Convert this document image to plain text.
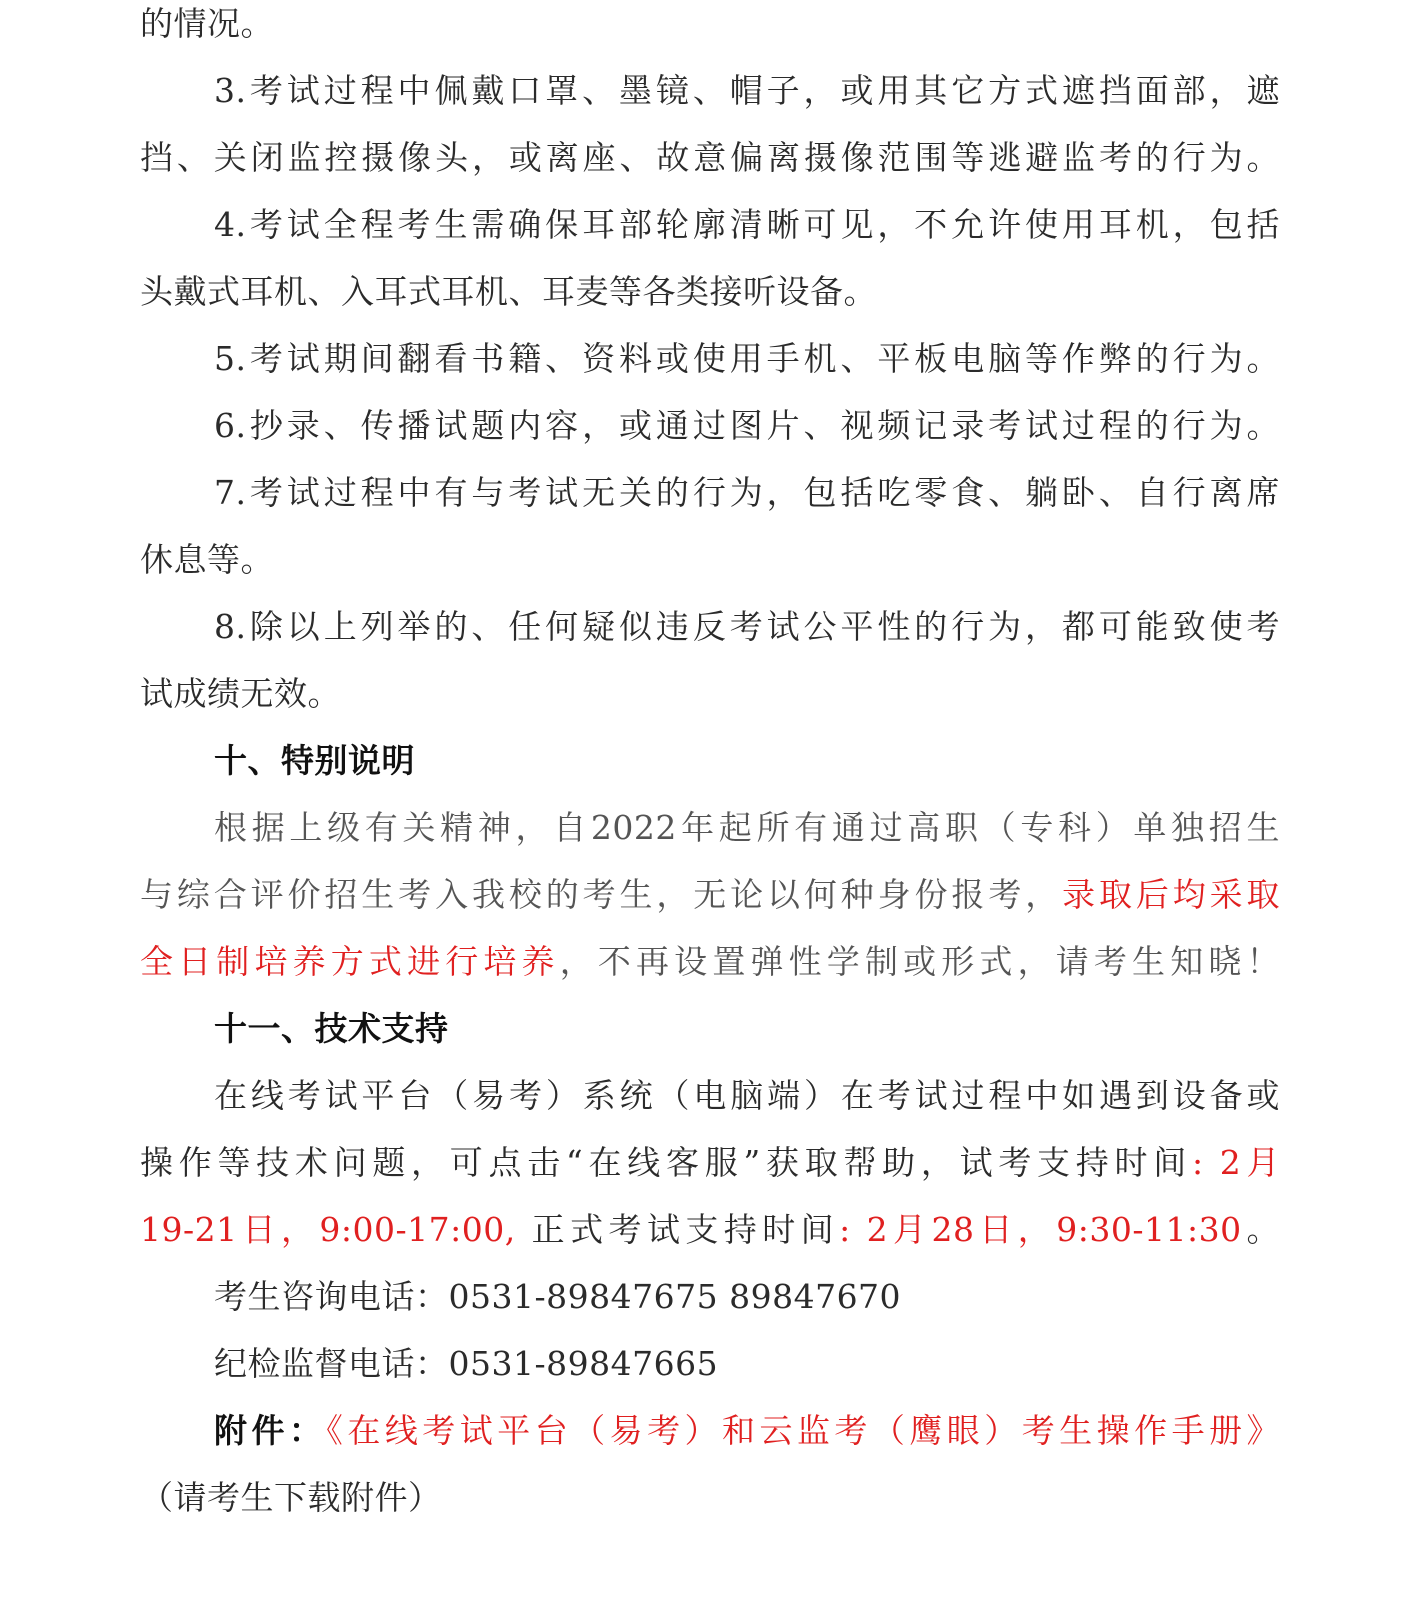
的情况。
3.考试过程中佩戴口罩、墨镜、帽子，或用其它方式遮挡面部，遮
挡、关闭监控摄像头，或离座、故意偏离摄像范围等逃避监考的行为。
4.考试全程考生需确保耳部轮廓清晰可见，不允许使用耳机，包括
头戴式耳机、入耳式耳机、耳麦等各类接听设备。
5.考试期间翻看书籍、资料或使用手机、平板电脑等作弊的行为。
6.抄录、传播试题内容，或通过图片、视频记录考试过程的行为。
7.考试过程中有与考试无关的行为，包括吃零食、躺卧、自行离席
休息等。
8.除以上列举的、任何疑似违反考试公平性的行为，都可能致使考
试成绩无效。
十、特别说明
根据上级有关精神，自2022年起所有通过高职（专科）单独招生
与综合评价招生考入我校的考生，无论以何种身份报考，录取后均采取
全日制培养方式进行培养，不再设置弹性学制或形式，请考生知晓！
十一、技术支持
在线考试平台（易考）系统（电脑端）在考试过程中如遇到设备或
操作等技术问题，可点击“在线客服”获取帮助，试考支持时间: 2月
19-21日，9:00-17:00, 正式考试支持时间: 2月28日，9:30-11:30。
考生咨询电话：0531-89847675 89847670
纪检监督电话：0531-89847665
附件：《在线考试平台（易考）和云监考（鹰眼）考生操作手册》
（请考生下载附件）
